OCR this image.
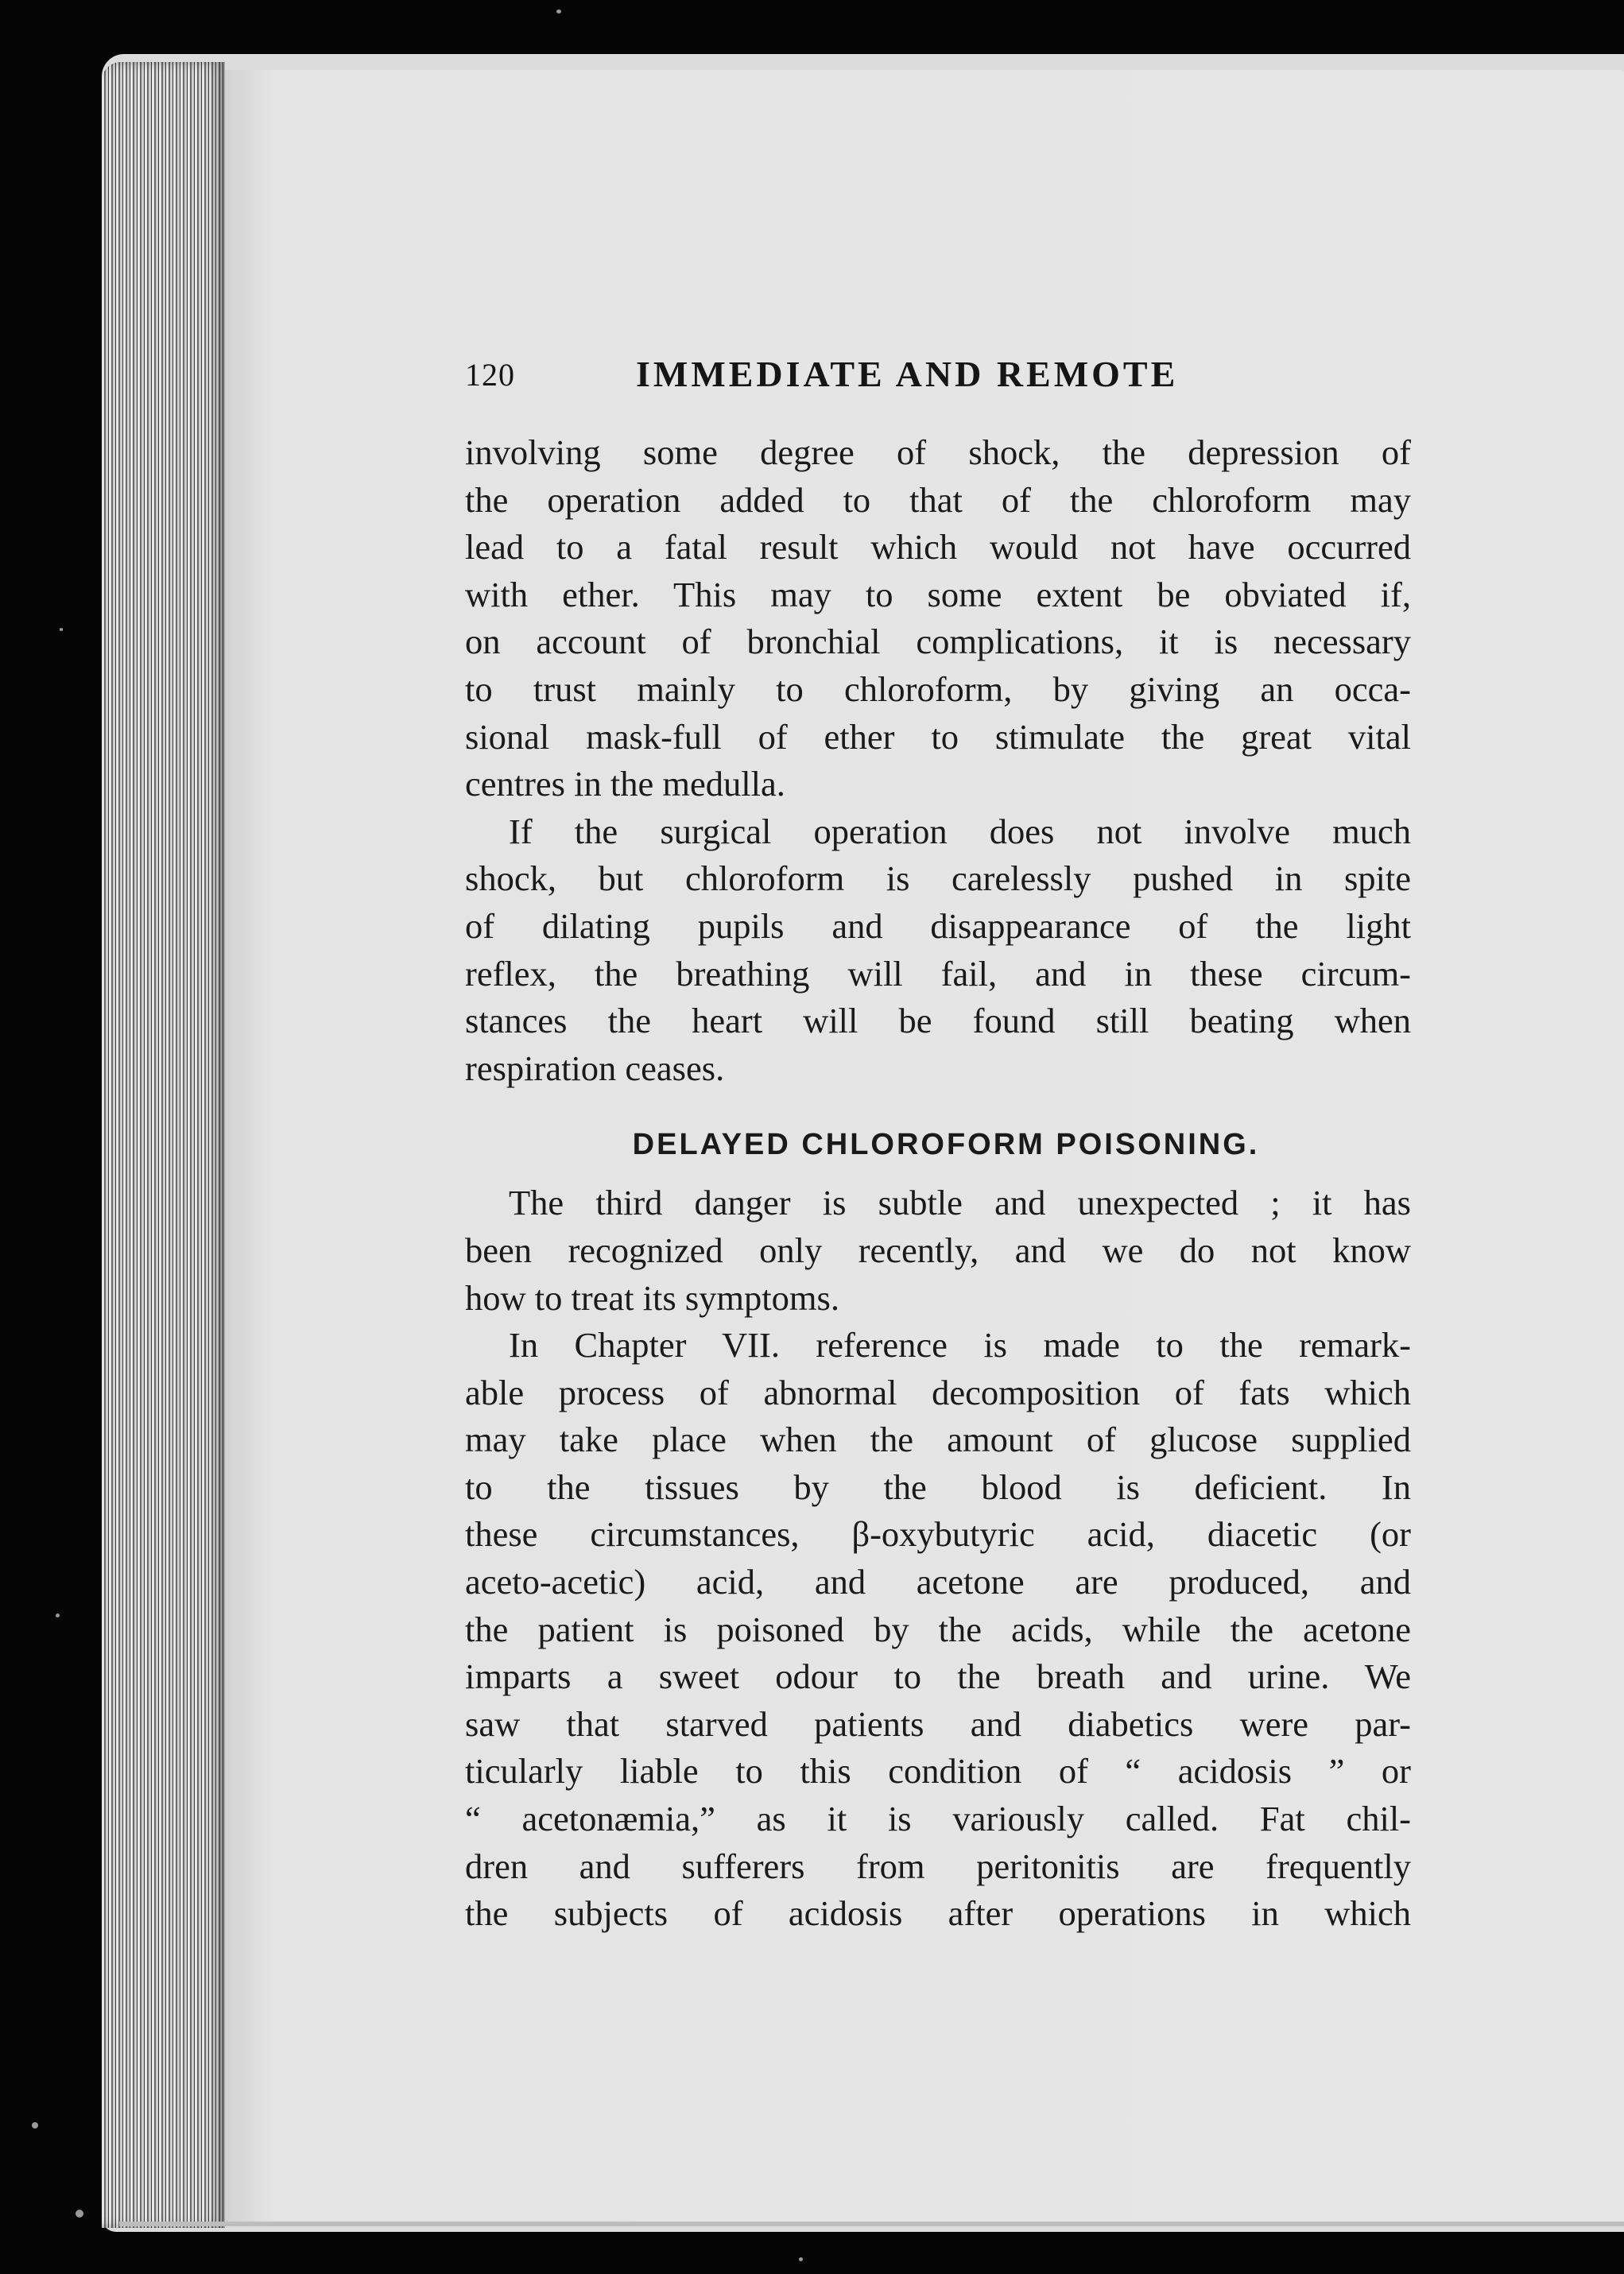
120	IMMEDIATE AND REMOTE
involving some degree of shock, the depression of
the operation added to that of the chloroform may
lead to a fatal result which would not have occurred
with ether. This may to some extent be obviated if,
on account of bronchial complications, it is necessary
to trust mainly to chloroform, by giving an occa-
sional mask-full of ether to stimulate the great vital
centres in the medulla.
If the surgical operation does not involve much
shock, but chloroform is carelessly pushed in spite
of dilating pupils and disappearance of the light
reflex, the breathing will fail, and in these circum-
stances the heart will be found still beating when
respiration ceases.
DELAYED CHLOROFORM POISONING.
The third danger is subtle and unexpected ; it has
been recognized only recently, and we do not know
how to treat its symptoms.
In Chapter VII. reference is made to the remark-
able process of abnormal decomposition of fats which
may take place when the amount of glucose supplied
to the tissues by the blood is deficient. In
these circumstances, β-oxybutyric acid, diacetic (or
aceto-acetic) acid, and acetone are produced, and
the patient is poisoned by the acids, while the acetone
imparts a sweet odour to the breath and urine. We
saw that starved patients and diabetics were par-
ticularly liable to this condition of “ acidosis ” or
“ acetonæmia,” as it is variously called. Fat chil-
dren and sufferers from peritonitis are frequently
the subjects of acidosis after operations in which
